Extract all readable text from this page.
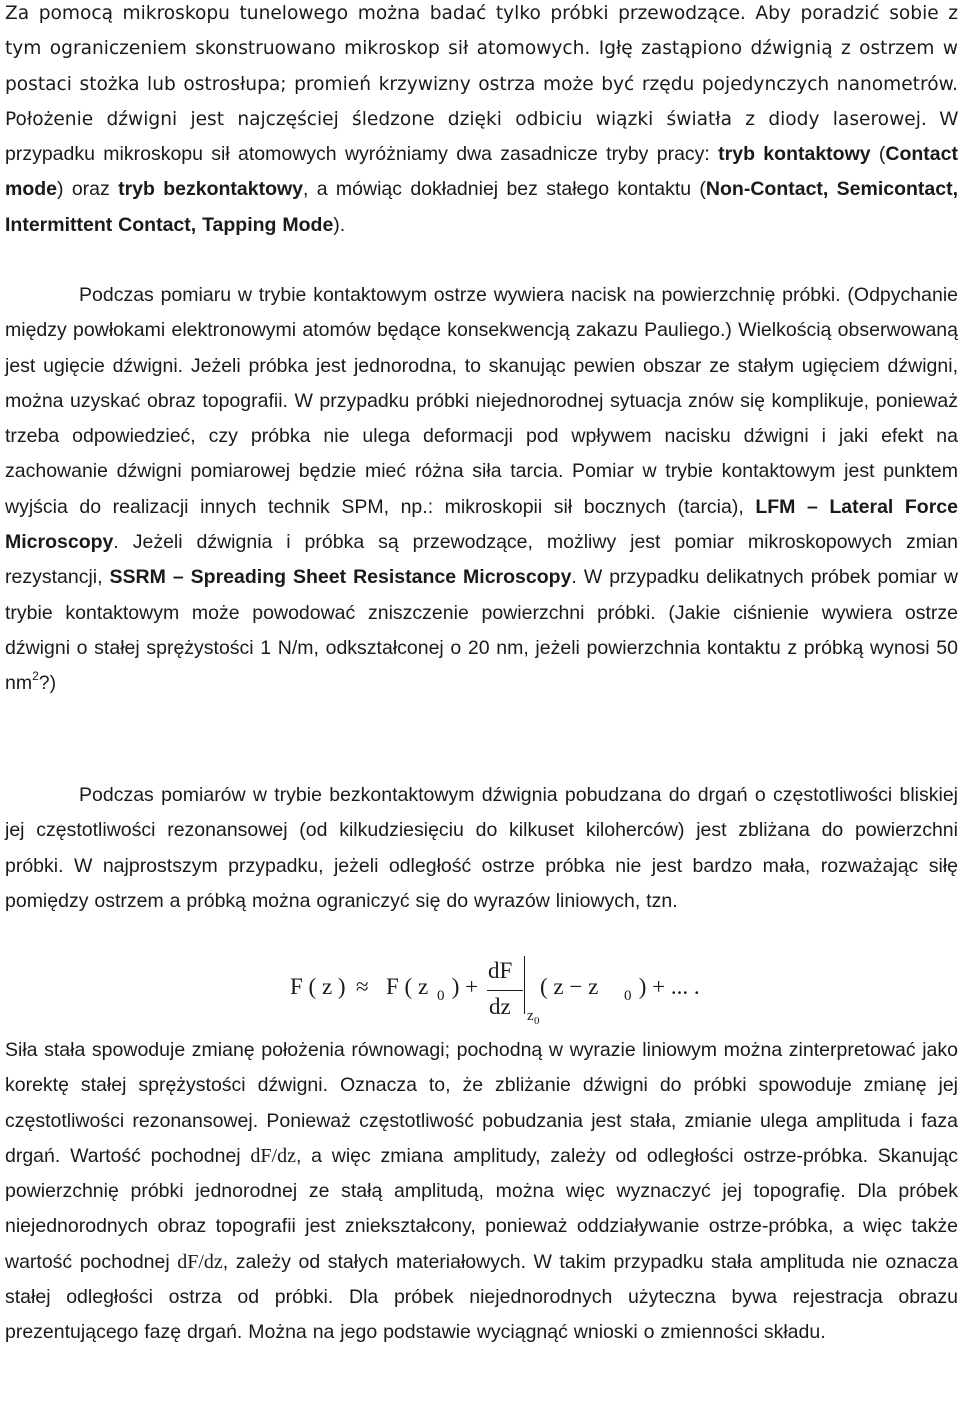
Za pomocą mikroskopu tunelowego można badać tylko próbki przewodzące. Aby poradzić sobie z tym ograniczeniem skonstruowano mikroskop sił atomowych. Igłę zastąpiono dźwignią z ostrzem w postaci stożka lub ostrosłupa; promień krzywizny ostrza może być rzędu pojedynczych nanometrów. Położenie dźwigni jest najczęściej śledzone dzięki odbiciu wiązki światła z diody laserowej. W przypadku mikroskopu sił atomowych wyróżniamy dwa zasadnicze tryby pracy: tryb kontaktowy (Contact mode) oraz tryb bezkontaktowy, a mówiąc dokładniej bez stałego kontaktu (Non-Contact, Semicontact, Intermittent Contact, Tapping Mode).

Podczas pomiaru w trybie kontaktowym ostrze wywiera nacisk na powierzchnię próbki. (Odpychanie między powłokami elektronowymi atomów będące konsekwencją zakazu Pauliego.) Wielkością obserwowaną jest ugięcie dźwigni. Jeżeli próbka jest jednorodna, to skanując pewien obszar ze stałym ugięciem dźwigni, można uzyskać obraz topografii. W przypadku próbki niejednorodnej sytuacja znów się komplikuje, ponieważ trzeba odpowiedzieć, czy próbka nie ulega deformacji pod wpływem nacisku dźwigni i jaki efekt na zachowanie dźwigni pomiarowej będzie mieć różna siła tarcia. Pomiar w trybie kontaktowym jest punktem wyjścia do realizacji innych technik SPM, np.: mikroskopii sił bocznych (tarcia), LFM – Lateral Force Microscopy. Jeżeli dźwignia i próbka są przewodzące, możliwy jest pomiar mikroskopowych zmian rezystancji, SSRM – Spreading Sheet Resistance Microscopy. W przypadku delikatnych próbek pomiar w trybie kontaktowym może powodować zniszczenie powierzchni próbki. (Jakie ciśnienie wywiera ostrze dźwigni o stałej sprężystości 1 N/m, odkształconej o 20 nm, jeżeli powierzchnia kontaktu z próbką wynosi 50 $nm^2$?)

Podczas pomiarów w trybie bezkontaktowym dźwignia pobudzana do drgań o częstotliwości bliskiej jej częstotliwości rezonansowej (od kilkudziesięciu do kilkuset kiloherców) jest zbliżana do powierzchni próbki. W najprostszym przypadku, jeżeli odległość ostrze próbka nie jest bardzo mała, rozważając siłę pomiędzy ostrzem a próbką można ograniczyć się do wyrazów liniowych, tzn.

F ( z ) ≈ F ( z 0 ) +
dF
dz z 0
( z − z 0 ) + ... .

Siła stała spowoduje zmianę położenia równowagi; pochodną w wyrazie liniowym można zinterpretować jako korektę stałej sprężystości dźwigni. Oznacza to, że zbliżanie dźwigni do próbki spowoduje zmianę jej częstotliwości rezonansowej. Ponieważ częstotliwość pobudzania jest stała, zmianie ulega amplituda i faza drgań. Wartość pochodnej dF/dz, a więc zmiana amplitudy, zależy od odległości ostrze-próbka. Skanując powierzchnię próbki jednorodnej ze stałą amplitudą, można więc wyznaczyć jej topografię. Dla próbek niejednorodnych obraz topografii jest zniekształcony, ponieważ oddziaływanie ostrze-próbka, a więc także wartość pochodnej dF/dz, zależy od stałych materiałowych. W takim przypadku stała amplituda nie oznacza stałej odległości ostrza od próbki. Dla próbek niejednorodnych użyteczna bywa rejestracja obrazu prezentującego fazę drgań. Można na jego podstawie wyciągnąć wnioski o zmienności składu.
